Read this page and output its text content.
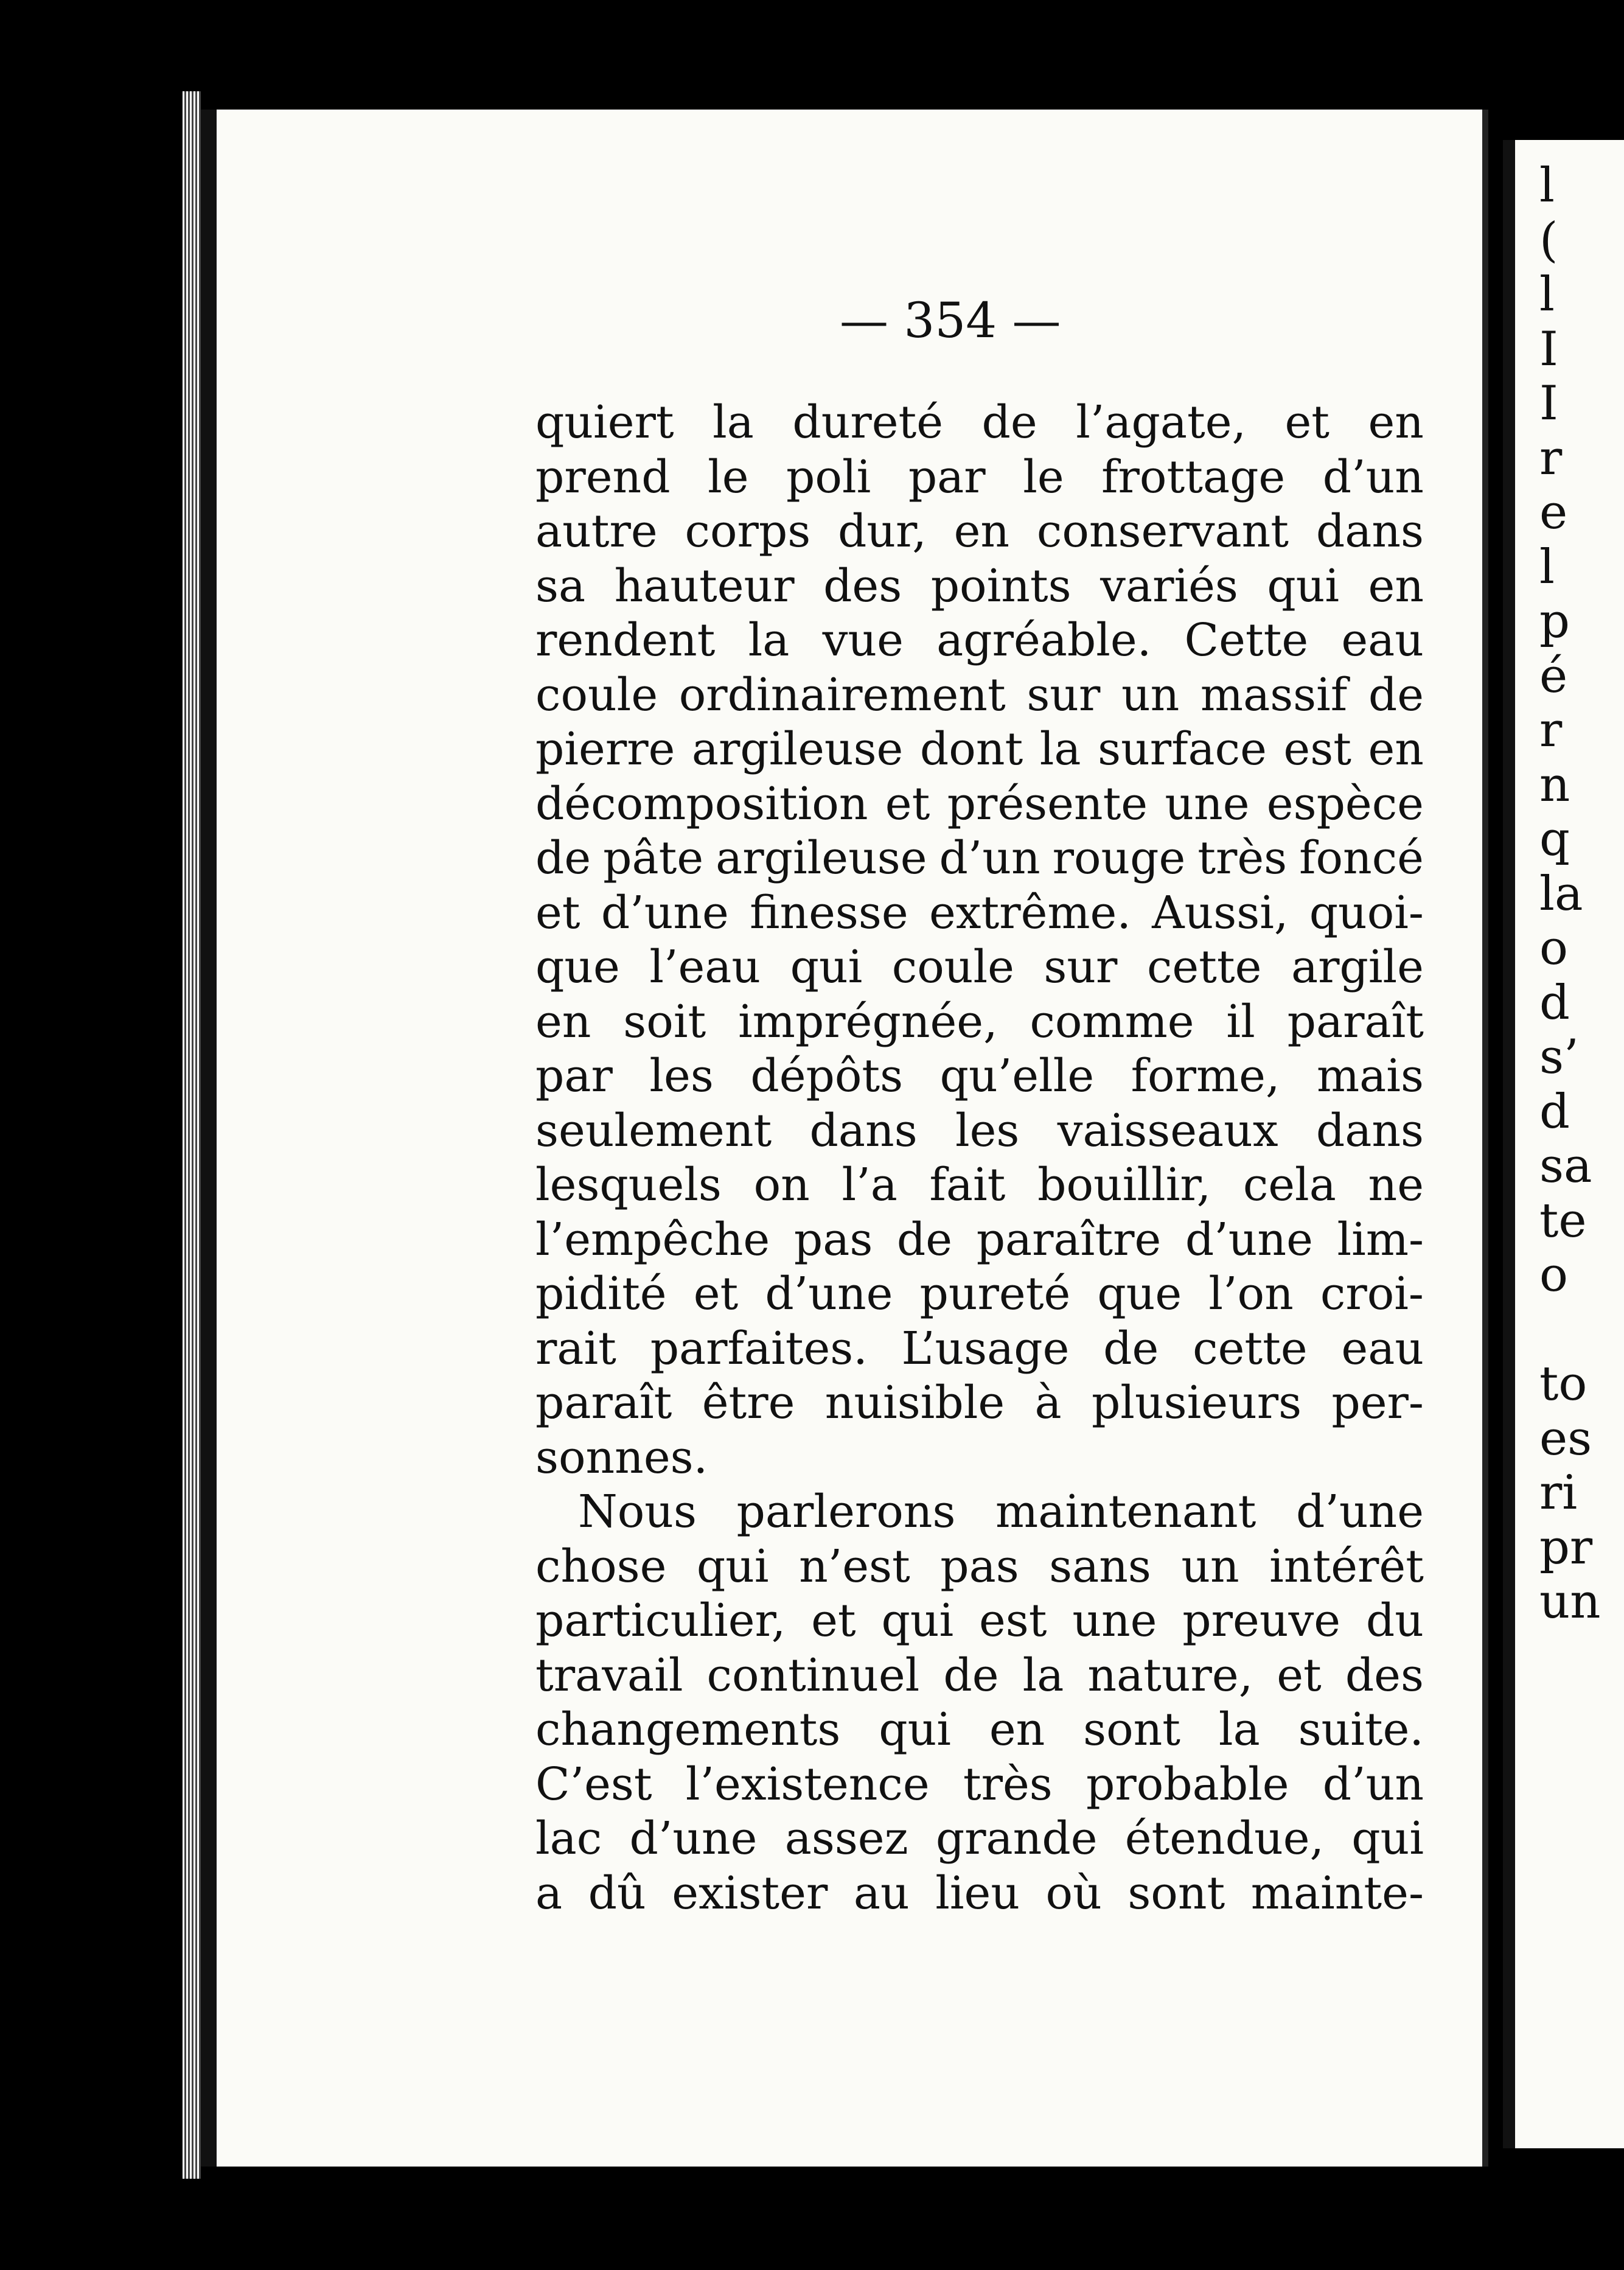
l
(
l
I
I
r
e
l
p
é
r
n
q
la
o
d
s’
d
sa
te
o
to
es
ri
pr
un
— 354 —
quiert la dureté de l’agate, et en
prend le poli par le frottage d’un
autre corps dur, en conservant dans
sa hauteur des points variés qui en
rendent la vue agréable. Cette eau
coule ordinairement sur un massif de
pierre argileuse dont la surface est en
décomposition et présente une espèce
de pâte argileuse d’un rouge très foncé
et d’une finesse extrême. Aussi, quoi-
que l’eau qui coule sur cette argile
en soit imprégnée, comme il paraît
par les dépôts qu’elle forme, mais
seulement dans les vaisseaux dans
lesquels on l’a fait bouillir, cela ne
l’empêche pas de paraître d’une lim-
pidité et d’une pureté que l’on croi-
rait parfaites. L’usage de cette eau
paraît être nuisible à plusieurs per-
sonnes.
Nous parlerons maintenant d’une
chose qui n’est pas sans un intérêt
particulier, et qui est une preuve du
travail continuel de la nature, et des
changements qui en sont la suite.
C’est l’existence très probable d’un
lac d’une assez grande étendue, qui
a dû exister au lieu où sont mainte-
